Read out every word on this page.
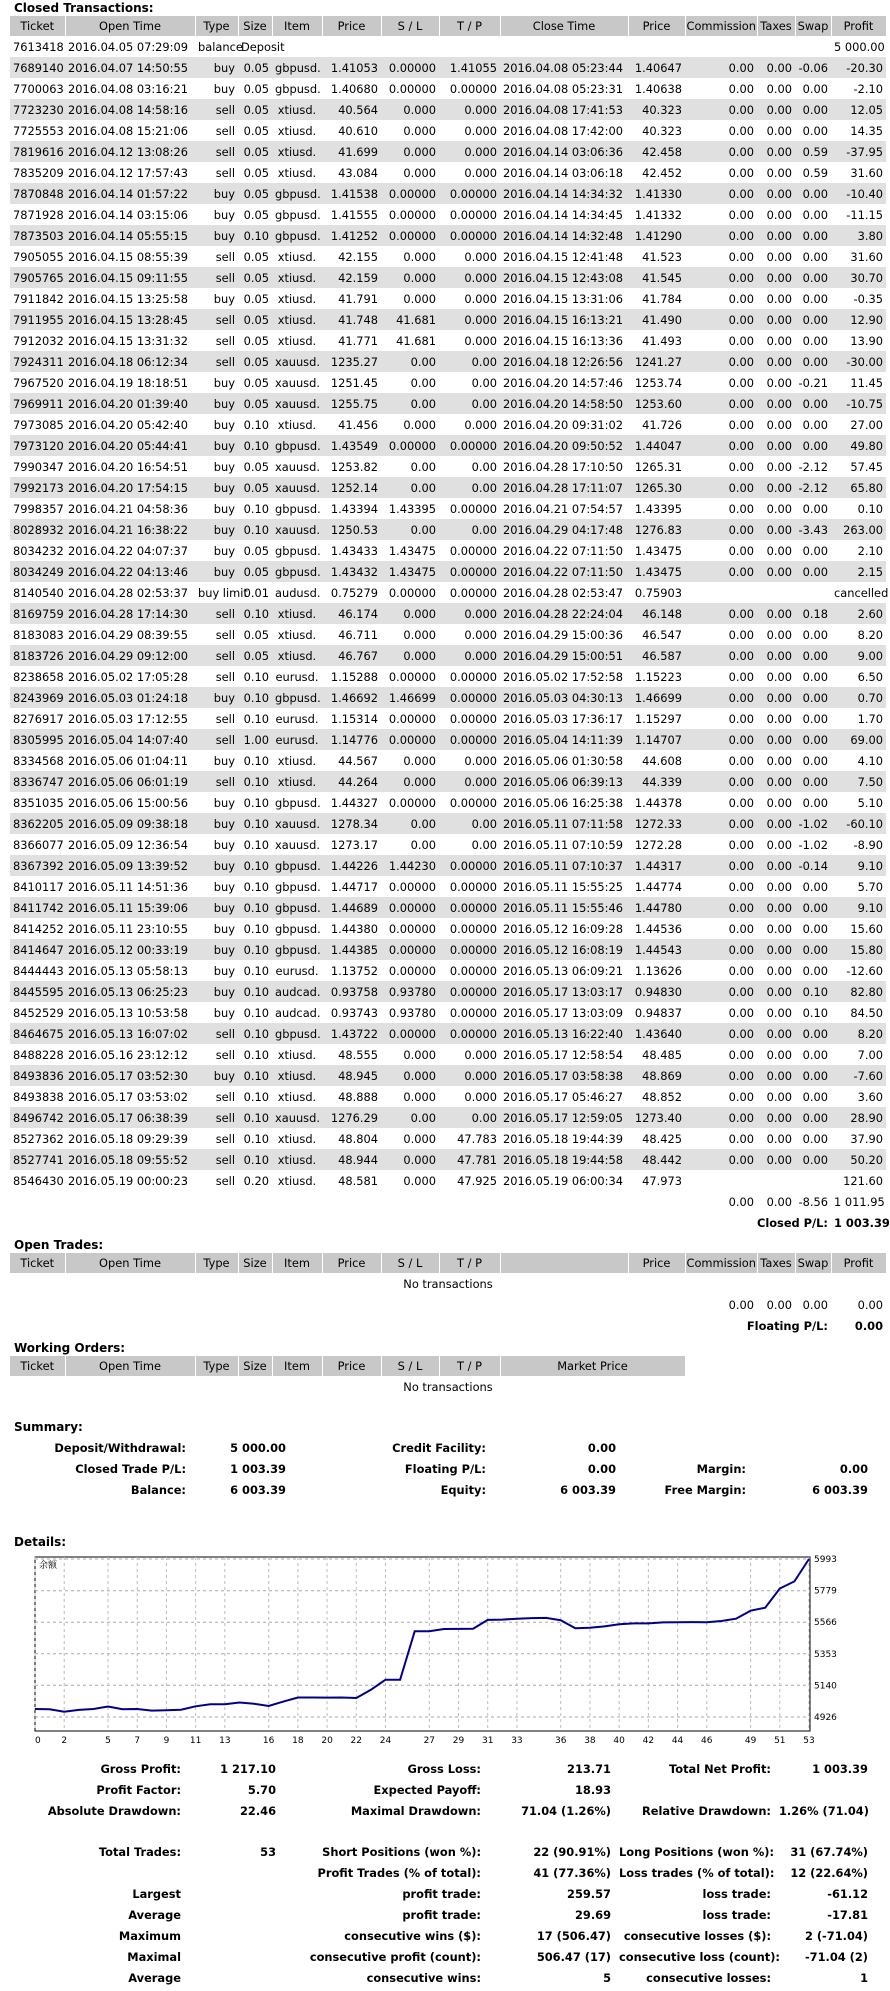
Closed Transactions:
Ticket	Open Time	Type	Size	Item	Price	S / L	T / P	Close Time	Price	Commission	Taxes	Swap	Profit
7613418	2016.04.05 07:29:09	balance	Deposit										5 000.00
7689140	2016.04.07 14:50:55	buy	0.05	gbpusd.	1.41053	0.00000	1.41055	2016.04.08 05:23:44	1.40647	0.00	0.00	-0.06	-20.30
7700063	2016.04.08 03:16:21	buy	0.05	gbpusd.	1.40680	0.00000	0.00000	2016.04.08 05:23:31	1.40638	0.00	0.00	0.00	-2.10
7723230	2016.04.08 14:58:16	sell	0.05	xtiusd.	40.564	0.000	0.000	2016.04.08 17:41:53	40.323	0.00	0.00	0.00	12.05
7725553	2016.04.08 15:21:06	sell	0.05	xtiusd.	40.610	0.000	0.000	2016.04.08 17:42:00	40.323	0.00	0.00	0.00	14.35
7819616	2016.04.12 13:08:26	sell	0.05	xtiusd.	41.699	0.000	0.000	2016.04.14 03:06:36	42.458	0.00	0.00	0.59	-37.95
7835209	2016.04.12 17:57:43	sell	0.05	xtiusd.	43.084	0.000	0.000	2016.04.14 03:06:18	42.452	0.00	0.00	0.59	31.60
7870848	2016.04.14 01:57:22	buy	0.05	gbpusd.	1.41538	0.00000	0.00000	2016.04.14 14:34:32	1.41330	0.00	0.00	0.00	-10.40
7871928	2016.04.14 03:15:06	buy	0.05	gbpusd.	1.41555	0.00000	0.00000	2016.04.14 14:34:45	1.41332	0.00	0.00	0.00	-11.15
7873503	2016.04.14 05:55:15	buy	0.10	gbpusd.	1.41252	0.00000	0.00000	2016.04.14 14:32:48	1.41290	0.00	0.00	0.00	3.80
7905055	2016.04.15 08:55:39	sell	0.05	xtiusd.	42.155	0.000	0.000	2016.04.15 12:41:48	41.523	0.00	0.00	0.00	31.60
7905765	2016.04.15 09:11:55	sell	0.05	xtiusd.	42.159	0.000	0.000	2016.04.15 12:43:08	41.545	0.00	0.00	0.00	30.70
7911842	2016.04.15 13:25:58	buy	0.05	xtiusd.	41.791	0.000	0.000	2016.04.15 13:31:06	41.784	0.00	0.00	0.00	-0.35
7911955	2016.04.15 13:28:45	sell	0.05	xtiusd.	41.748	41.681	0.000	2016.04.15 16:13:21	41.490	0.00	0.00	0.00	12.90
7912032	2016.04.15 13:31:32	sell	0.05	xtiusd.	41.771	41.681	0.000	2016.04.15 16:13:36	41.493	0.00	0.00	0.00	13.90
7924311	2016.04.18 06:12:34	sell	0.05	xauusd.	1235.27	0.00	0.00	2016.04.18 12:26:56	1241.27	0.00	0.00	0.00	-30.00
7967520	2016.04.19 18:18:51	buy	0.05	xauusd.	1251.45	0.00	0.00	2016.04.20 14:57:46	1253.74	0.00	0.00	-0.21	11.45
7969911	2016.04.20 01:39:40	buy	0.05	xauusd.	1255.75	0.00	0.00	2016.04.20 14:58:50	1253.60	0.00	0.00	0.00	-10.75
7973085	2016.04.20 05:42:40	buy	0.10	xtiusd.	41.456	0.000	0.000	2016.04.20 09:31:02	41.726	0.00	0.00	0.00	27.00
7973120	2016.04.20 05:44:41	buy	0.10	gbpusd.	1.43549	0.00000	0.00000	2016.04.20 09:50:52	1.44047	0.00	0.00	0.00	49.80
7990347	2016.04.20 16:54:51	buy	0.05	xauusd.	1253.82	0.00	0.00	2016.04.28 17:10:50	1265.31	0.00	0.00	-2.12	57.45
7992173	2016.04.20 17:54:15	buy	0.05	xauusd.	1252.14	0.00	0.00	2016.04.28 17:11:07	1265.30	0.00	0.00	-2.12	65.80
7998357	2016.04.21 04:58:36	buy	0.10	gbpusd.	1.43394	1.43395	0.00000	2016.04.21 07:54:57	1.43395	0.00	0.00	0.00	0.10
8028932	2016.04.21 16:38:22	buy	0.10	xauusd.	1250.53	0.00	0.00	2016.04.29 04:17:48	1276.83	0.00	0.00	-3.43	263.00
8034232	2016.04.22 04:07:37	buy	0.05	gbpusd.	1.43433	1.43475	0.00000	2016.04.22 07:11:50	1.43475	0.00	0.00	0.00	2.10
8034249	2016.04.22 04:13:46	buy	0.05	gbpusd.	1.43432	1.43475	0.00000	2016.04.22 07:11:50	1.43475	0.00	0.00	0.00	2.15
8140540	2016.04.28 02:53:37	buy limit	0.01	audusd.	0.75279	0.00000	0.00000	2016.04.28 02:53:47	0.75903				cancelled
8169759	2016.04.28 17:14:30	sell	0.10	xtiusd.	46.174	0.000	0.000	2016.04.28 22:24:04	46.148	0.00	0.00	0.18	2.60
8183083	2016.04.29 08:39:55	sell	0.05	xtiusd.	46.711	0.000	0.000	2016.04.29 15:00:36	46.547	0.00	0.00	0.00	8.20
8183726	2016.04.29 09:12:00	sell	0.05	xtiusd.	46.767	0.000	0.000	2016.04.29 15:00:51	46.587	0.00	0.00	0.00	9.00
8238658	2016.05.02 17:05:28	sell	0.10	eurusd.	1.15288	0.00000	0.00000	2016.05.02 17:52:58	1.15223	0.00	0.00	0.00	6.50
8243969	2016.05.03 01:24:18	buy	0.10	gbpusd.	1.46692	1.46699	0.00000	2016.05.03 04:30:13	1.46699	0.00	0.00	0.00	0.70
8276917	2016.05.03 17:12:55	sell	0.10	eurusd.	1.15314	0.00000	0.00000	2016.05.03 17:36:17	1.15297	0.00	0.00	0.00	1.70
8305995	2016.05.04 14:07:40	sell	1.00	eurusd.	1.14776	0.00000	0.00000	2016.05.04 14:11:39	1.14707	0.00	0.00	0.00	69.00
8334568	2016.05.06 01:04:11	buy	0.10	xtiusd.	44.567	0.000	0.000	2016.05.06 01:30:58	44.608	0.00	0.00	0.00	4.10
8336747	2016.05.06 06:01:19	sell	0.10	xtiusd.	44.264	0.000	0.000	2016.05.06 06:39:13	44.339	0.00	0.00	0.00	7.50
8351035	2016.05.06 15:00:56	buy	0.10	gbpusd.	1.44327	0.00000	0.00000	2016.05.06 16:25:38	1.44378	0.00	0.00	0.00	5.10
8362205	2016.05.09 09:38:18	buy	0.10	xauusd.	1278.34	0.00	0.00	2016.05.11 07:11:58	1272.33	0.00	0.00	-1.02	-60.10
8366077	2016.05.09 12:36:54	buy	0.10	xauusd.	1273.17	0.00	0.00	2016.05.11 07:10:59	1272.28	0.00	0.00	-1.02	-8.90
8367392	2016.05.09 13:39:52	buy	0.10	gbpusd.	1.44226	1.44230	0.00000	2016.05.11 07:10:37	1.44317	0.00	0.00	-0.14	9.10
8410117	2016.05.11 14:51:36	buy	0.10	gbpusd.	1.44717	0.00000	0.00000	2016.05.11 15:55:25	1.44774	0.00	0.00	0.00	5.70
8411742	2016.05.11 15:39:06	buy	0.10	gbpusd.	1.44689	0.00000	0.00000	2016.05.11 15:55:46	1.44780	0.00	0.00	0.00	9.10
8414252	2016.05.11 23:10:55	buy	0.10	gbpusd.	1.44380	0.00000	0.00000	2016.05.12 16:09:28	1.44536	0.00	0.00	0.00	15.60
8414647	2016.05.12 00:33:19	buy	0.10	gbpusd.	1.44385	0.00000	0.00000	2016.05.12 16:08:19	1.44543	0.00	0.00	0.00	15.80
8444443	2016.05.13 05:58:13	buy	0.10	eurusd.	1.13752	0.00000	0.00000	2016.05.13 06:09:21	1.13626	0.00	0.00	0.00	-12.60
8445595	2016.05.13 06:25:23	buy	0.10	audcad.	0.93758	0.93780	0.00000	2016.05.17 13:03:17	0.94830	0.00	0.00	0.10	82.80
8452529	2016.05.13 10:53:58	buy	0.10	audcad.	0.93743	0.93780	0.00000	2016.05.17 13:03:09	0.94837	0.00	0.00	0.10	84.50
8464675	2016.05.13 16:07:02	sell	0.10	gbpusd.	1.43722	0.00000	0.00000	2016.05.13 16:22:40	1.43640	0.00	0.00	0.00	8.20
8488228	2016.05.16 23:12:12	sell	0.10	xtiusd.	48.555	0.000	0.000	2016.05.17 12:58:54	48.485	0.00	0.00	0.00	7.00
8493836	2016.05.17 03:52:30	buy	0.10	xtiusd.	48.945	0.000	0.000	2016.05.17 03:58:38	48.869	0.00	0.00	0.00	-7.60
8493838	2016.05.17 03:53:02	sell	0.10	xtiusd.	48.888	0.000	0.000	2016.05.17 05:46:27	48.852	0.00	0.00	0.00	3.60
8496742	2016.05.17 06:38:39	sell	0.10	xauusd.	1276.29	0.00	0.00	2016.05.17 12:59:05	1273.40	0.00	0.00	0.00	28.90
8527362	2016.05.18 09:29:39	sell	0.10	xtiusd.	48.804	0.000	47.783	2016.05.18 19:44:39	48.425	0.00	0.00	0.00	37.90
8527741	2016.05.18 09:55:52	sell	0.10	xtiusd.	48.944	0.000	47.781	2016.05.18 19:44:58	48.442	0.00	0.00	0.00	50.20
8546430	2016.05.19 00:00:23	sell	0.20	xtiusd.	48.581	0.000	47.925	2016.05.19 06:00:34	47.973				121.60
										0.00	0.00	-8.56	1 011.95
										Closed P/L:			1 003.39
Open Trades:
Ticket	Open Time	Type	Size	Item	Price	S / L	T / P		Price	Commission	Taxes	Swap	Profit
No transactions													
										0.00	0.00	0.00	0.00
										Floating P/L:			0.00
Working Orders:
Ticket	Open Time	Type	Size	Item	Price	S / L	T / P	Market Price
No transactions
Summary:
Deposit/Withdrawal:	5 000.00	Credit Facility:	0.00		
Closed Trade P/L:	1 003.39	Floating P/L:	0.00	Margin:	0.00
Balance:	6 003.39	Equity:	6 003.39	Free Margin:	6 003.39
Details:
余额
4926
5140
5353
5566
5779
5993
0 2	5	7	9 11 13	16 18 20 22 24	27 29 31 33	36 38 40 42 44 46	49 51 53
Gross Profit:	1 217.10	Gross Loss:	213.71	Total Net Profit:	1 003.39
Profit Factor:	5.70	Expected Payoff:	18.93		
Absolute Drawdown:	22.46	Maximal Drawdown:	71.04 (1.26%)	Relative Drawdown:	1.26% (71.04)

Total Trades:	53	Short Positions (won %):	22 (90.91%)	Long Positions (won %):	31 (67.74%)
		Profit Trades (% of total):	41 (77.36%)	Loss trades (% of total):	12 (22.64%)
Largest		profit trade:	259.57	loss trade:	-61.12
Average		profit trade:	29.69	loss trade:	-17.81
Maximum		consecutive wins ($):	17 (506.47)	consecutive losses ($):	2 (-71.04)
Maximal		consecutive profit (count):	506.47 (17)	consecutive loss (count):	-71.04 (2)
Average		consecutive wins:	5	consecutive losses:	1
